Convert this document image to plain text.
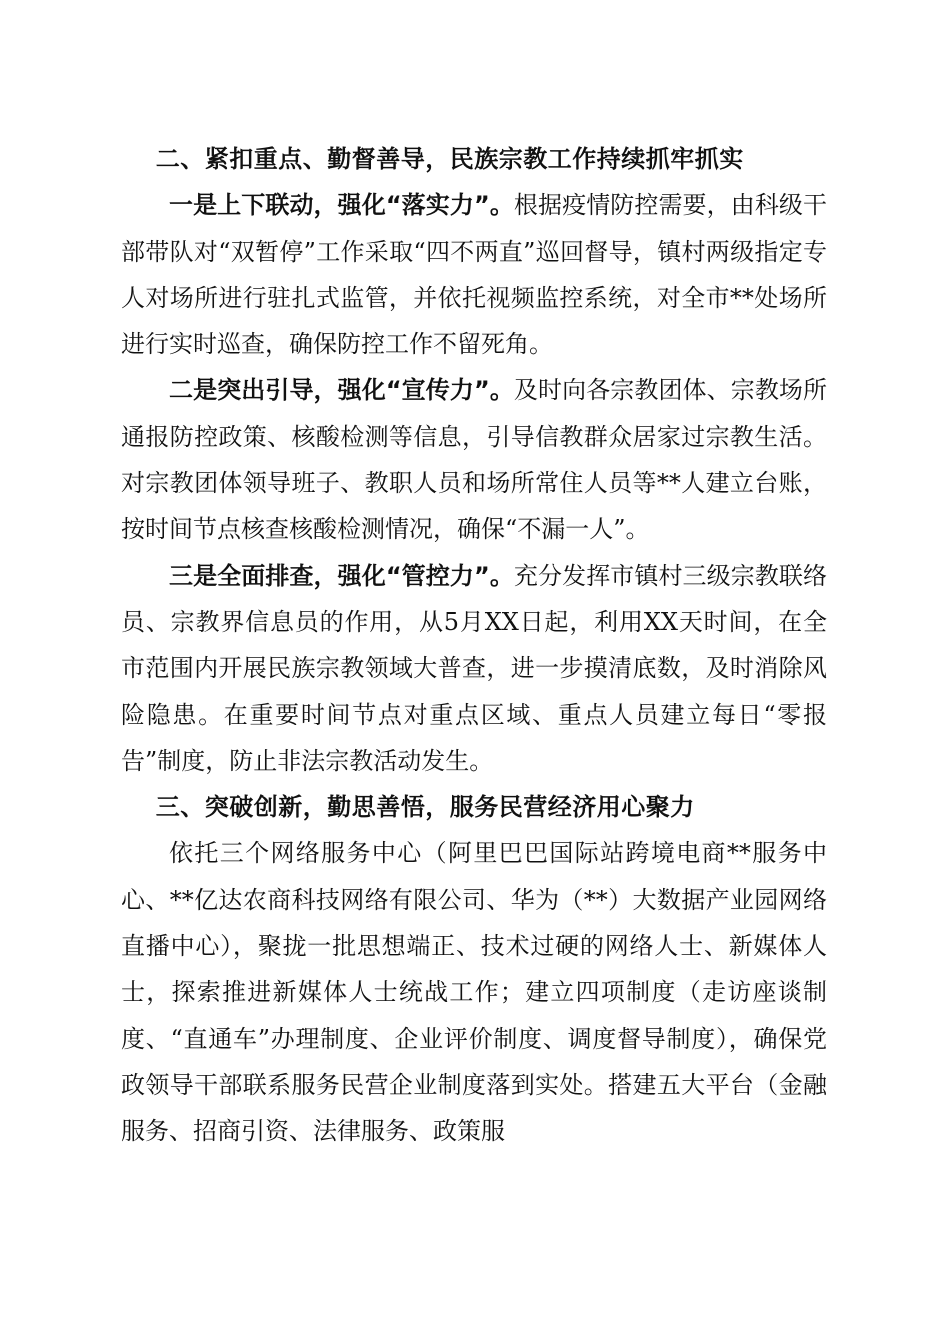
二、紧扣重点、勤督善导，民族宗教工作持续抓牢抓实

一是上下联动，强化“落实力”。根据疫情防控需要，由科级干部带队对“双暂停”工作采取“四不两直”巡回督导，镇村两级指定专人对场所进行驻扎式监管，并依托视频监控系统，对全市**处场所进行实时巡查，确保防控工作不留死角。

二是突出引导，强化“宣传力”。及时向各宗教团体、宗教场所通报防控政策、核酸检测等信息，引导信教群众居家过宗教生活。对宗教团体领导班子、教职人员和场所常住人员等**人建立台账，按时间节点核查核酸检测情况，确保“不漏一人”。

三是全面排查，强化“管控力”。充分发挥市镇村三级宗教联络员、宗教界信息员的作用，从5月XX日起，利用XX天时间，在全市范围内开展民族宗教领域大普查，进一步摸清底数，及时消除风险隐患。在重要时间节点对重点区域、重点人员建立每日“零报告”制度，防止非法宗教活动发生。

三、突破创新，勤思善悟，服务民营经济用心聚力

依托三个网络服务中心（阿里巴巴国际站跨境电商**服务中心、**亿达农商科技网络有限公司、华为（**）大数据产业园网络直播中心），聚拢一批思想端正、技术过硬的网络人士、新媒体人士，探索推进新媒体人士统战工作；建立四项制度（走访座谈制度、“直通车”办理制度、企业评价制度、调度督导制度），确保党政领导干部联系服务民营企业制度落到实处。搭建五大平台（金融服务、招商引资、法律服务、政策服
